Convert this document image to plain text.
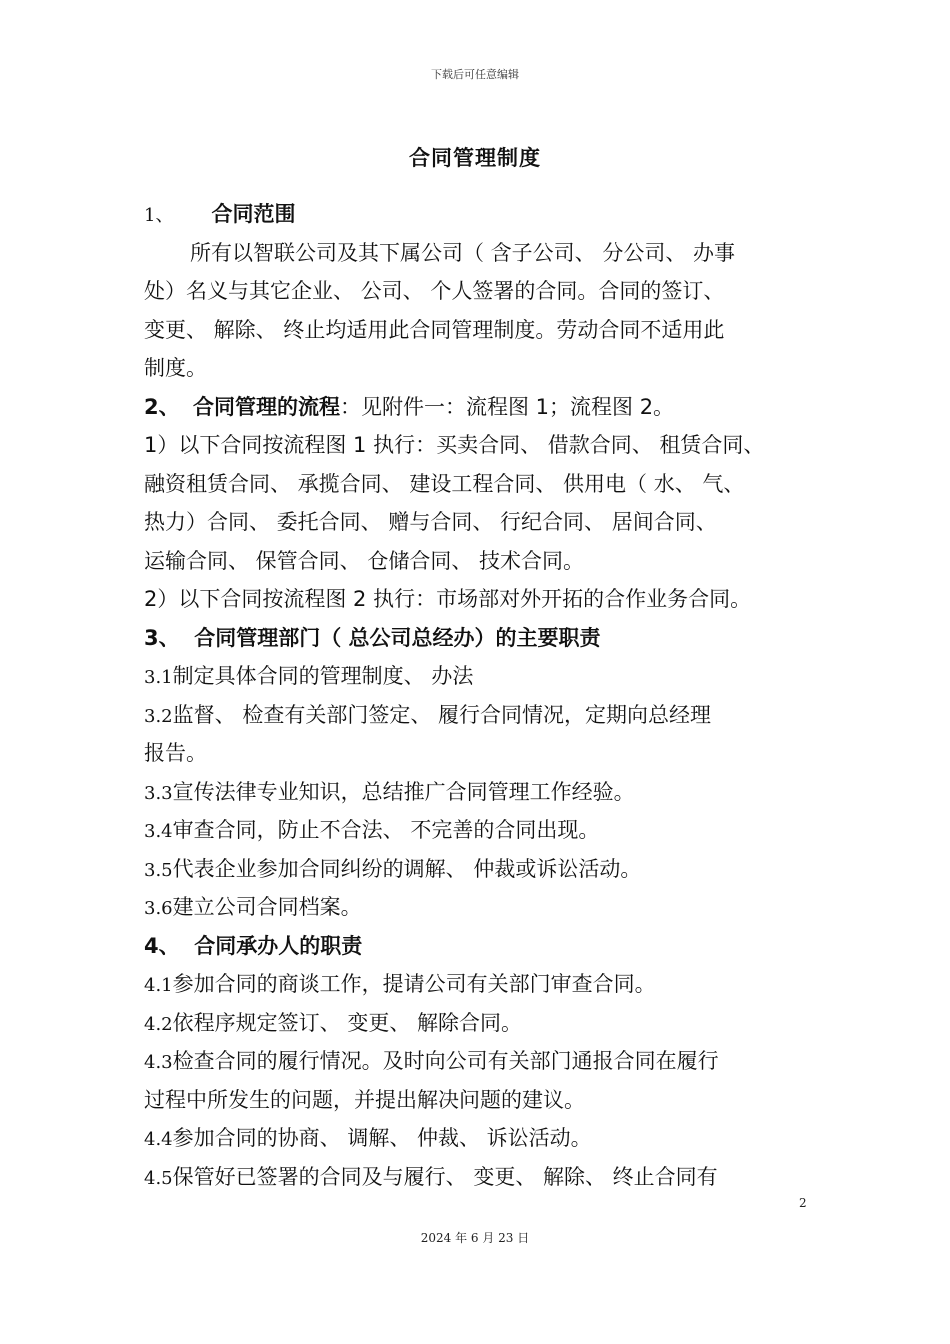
下载后可任意编辑
合同管理制度
1、 合同范围
所有以智联公司及其下属公司（ 含子公司、 分公司、 办事
处）名义与其它企业、 公司、 个人签署的合同。合同的签订、
变更、 解除、 终止均适用此合同管理制度。劳动合同不适用此
制度。
2、 合同管理的流程：见附件一：流程图 1；流程图 2。
1）以下合同按流程图 1 执行：买卖合同、 借款合同、 租赁合同、
融资租赁合同、 承揽合同、 建设工程合同、 供用电（ 水、 气、
热力）合同、 委托合同、 赠与合同、 行纪合同、 居间合同、
运输合同、 保管合同、 仓储合同、 技术合同。
2）以下合同按流程图 2 执行：市场部对外开拓的合作业务合同。
3、 合同管理部门（ 总公司总经办）的主要职责
3.1制定具体合同的管理制度、 办法
3.2监督、 检查有关部门签定、 履行合同情况，定期向总经理
报告。
3.3宣传法律专业知识，总结推广合同管理工作经验。
3.4审查合同，防止不合法、 不完善的合同出现。
3.5代表企业参加合同纠纷的调解、 仲裁或诉讼活动。
3.6建立公司合同档案。
4、 合同承办人的职责
4.1参加合同的商谈工作，提请公司有关部门审查合同。
4.2依程序规定签订、 变更、 解除合同。
4.3检查合同的履行情况。及时向公司有关部门通报合同在履行
过程中所发生的问题，并提出解决问题的建议。
4.4参加合同的协商、 调解、 仲裁、 诉讼活动。
4.5保管好已签署的合同及与履行、 变更、 解除、 终止合同有
2
2024 年 6 月 23 日
